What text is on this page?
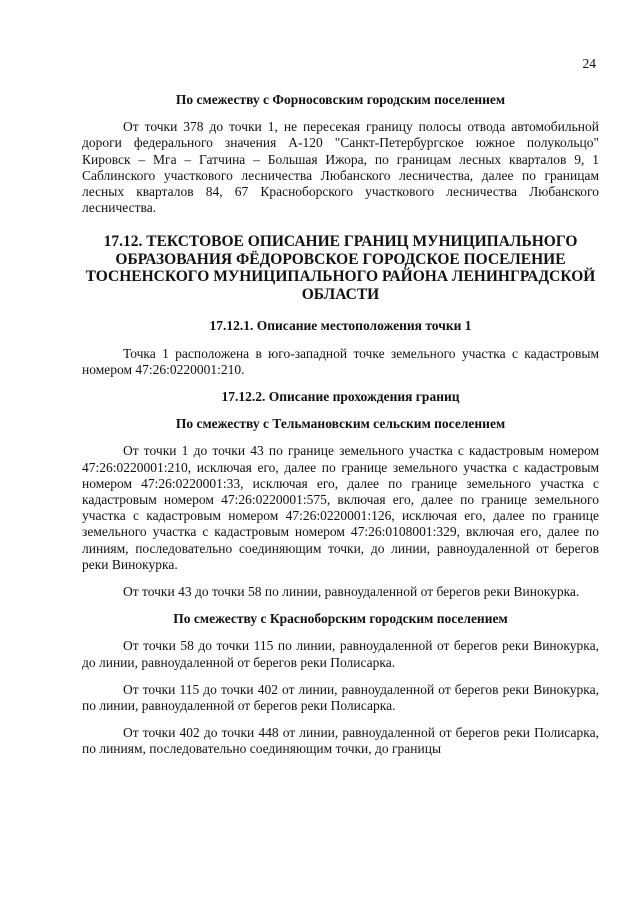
24
По смежеству с Форносовским городским поселением

От точки 378 до точки 1, не пересекая границу полосы отвода автомобильной дороги федерального значения А-120 "Санкт-Петербургское южное полукольцо" Кировск – Мга – Гатчина – Большая Ижора, по границам лесных кварталов 9, 1 Саблинского участкового лесничества Любанского лесничества, далее по границам лесных кварталов 84, 67 Красноборского участкового лесничества Любанского лесничества.

17.12. ТЕКСТОВОЕ ОПИСАНИЕ ГРАНИЦ МУНИЦИПАЛЬНОГО ОБРАЗОВАНИЯ ФЁДОРОВСКОЕ ГОРОДСКОЕ ПОСЕЛЕНИЕ ТОСНЕНСКОГО МУНИЦИПАЛЬНОГО РАЙОНА ЛЕНИНГРАДСКОЙ ОБЛАСТИ
17.12.1. Описание местоположения точки 1

Точка 1 расположена в юго-западной точке земельного участка с кадастровым номером 47:26:0220001:210.

17.12.2. Описание прохождения границ
По смежеству с Тельмановским сельским поселением

От точки 1 до точки 43 по границе земельного участка с кадастровым номером 47:26:0220001:210, исключая его, далее по границе земельного участка с кадастровым номером 47:26:0220001:33, исключая его, далее по границе земельного участка с кадастровым номером 47:26:0220001:575, включая его, далее по границе земельного участка с кадастровым номером 47:26:0220001:126, исключая его, далее по границе земельного участка с кадастровым номером 47:26:0108001:329, включая его, далее по линиям, последовательно соединяющим точки, до линии, равноудаленной от берегов реки Винокурка.

От точки 43 до точки 58 по линии, равноудаленной от берегов реки Винокурка.

По смежеству с Красноборским городским поселением

От точки 58 до точки 115 по линии, равноудаленной от берегов реки Винокурка, до линии, равноудаленной от берегов реки Полисарка.

От точки 115 до точки 402 от линии, равноудаленной от берегов реки Винокурка, по линии, равноудаленной от берегов реки Полисарка.

От точки 402 до точки 448 от линии, равноудаленной от берегов реки Полисарка, по линиям, последовательно соединяющим точки, до границы
